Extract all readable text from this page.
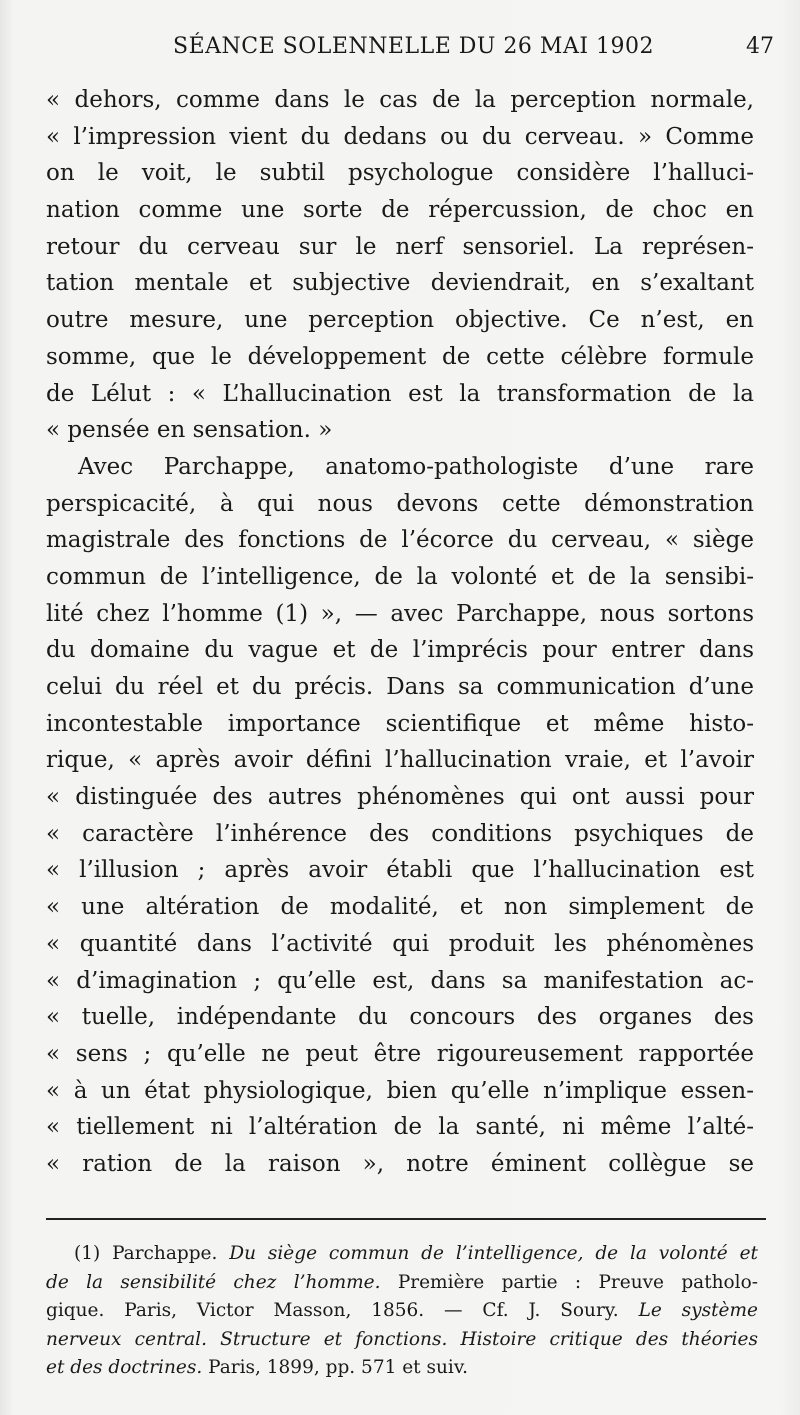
SÉANCE SOLENNELLE DU 26 MAI 1902	47
« dehors, comme dans le cas de la perception normale,
« l’impression vient du dedans ou du cerveau. » Comme
on le voit, le subtil psychologue considère l’halluci-
nation comme une sorte de répercussion, de choc en
retour du cerveau sur le nerf sensoriel. La représen-
tation mentale et subjective deviendrait, en s’exaltant
outre mesure, une perception objective. Ce n’est, en
somme, que le développement de cette célèbre formule
de Lélut : « L’hallucination est la transformation de la
« pensée en sensation. »
Avec Parchappe, anatomo-pathologiste d’une rare
perspicacité, à qui nous devons cette démonstration
magistrale des fonctions de l’écorce du cerveau, « siège
commun de l’intelligence, de la volonté et de la sensibi-
lité chez l’homme (1) », — avec Parchappe, nous sortons
du domaine du vague et de l’imprécis pour entrer dans
celui du réel et du précis. Dans sa communication d’une
incontestable importance scientifique et même histo-
rique, « après avoir défini l’hallucination vraie, et l’avoir
« distinguée des autres phénomènes qui ont aussi pour
« caractère l’inhérence des conditions psychiques de
« l’illusion ; après avoir établi que l’hallucination est
« une altération de modalité, et non simplement de
« quantité dans l’activité qui produit les phénomènes
« d’imagination ; qu’elle est, dans sa manifestation ac-
« tuelle, indépendante du concours des organes des
« sens ; qu’elle ne peut être rigoureusement rapportée
« à un état physiologique, bien qu’elle n’implique essen-
« tiellement ni l’altération de la santé, ni même l’alté-
« ration de la raison », notre éminent collègue se
(1) Parchappe. Du siège commun de l’intelligence, de la volonté et
de la sensibilité chez l’homme. Première partie : Preuve patholo-
gique. Paris, Victor Masson, 1856. — Cf. J. Soury. Le système
nerveux central. Structure et fonctions. Histoire critique des théories
et des doctrines. Paris, 1899, pp. 571 et suiv.
